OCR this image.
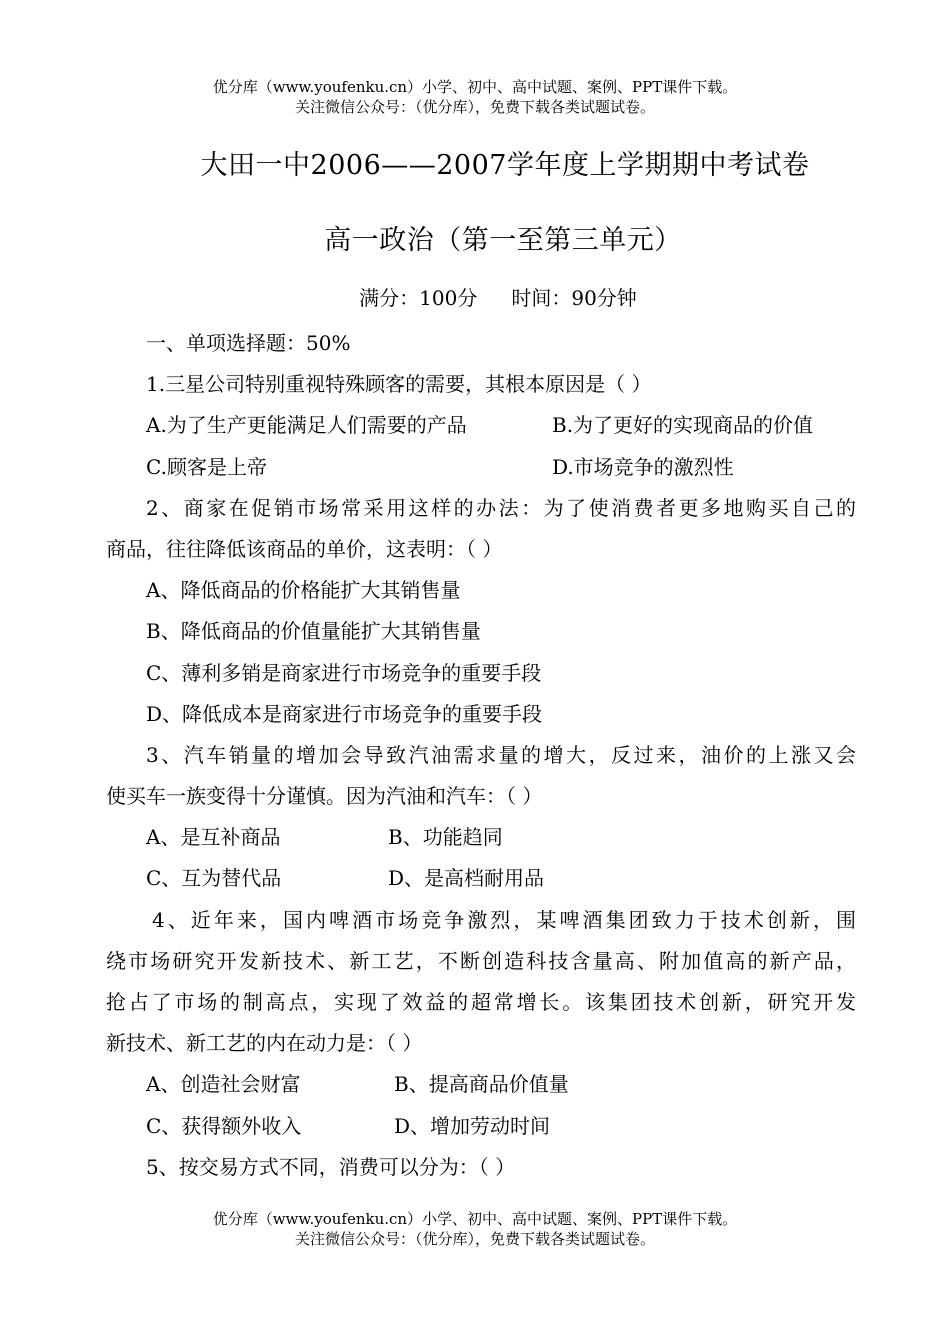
优分库（www.youfenku.cn）小学、初中、高中试题、案例、PPT课件下载。
关注微信公众号：（优分库），免费下载各类试题试卷。
大田一中2006——2007学年度上学期期中考试卷
高一政治（第一至第三单元）
满分：100分 时间：90分钟
一、单项选择题：50%
1.三星公司特别重视特殊顾客的需要，其根本原因是（ ）
A.为了生产更能满足人们需要的产品	B.为了更好的实现商品的价值
C.顾客是上帝	D.市场竞争的激烈性
2、商家在促销市场常采用这样的办法：为了使消费者更多地购买自己的
商品，往往降低该商品的单价，这表明：（ ）
A、降低商品的价格能扩大其销售量
B、降低商品的价值量能扩大其销售量
C、薄利多销是商家进行市场竞争的重要手段
D、降低成本是商家进行市场竞争的重要手段
3、汽车销量的增加会导致汽油需求量的增大，反过来，油价的上涨又会
使买车一族变得十分谨慎。因为汽油和汽车：（ ）
A、是互补商品	B、功能趋同
C、互为替代品	D、是高档耐用品
4、近年来，国内啤酒市场竞争激烈，某啤酒集团致力于技术创新，围
绕市场研究开发新技术、新工艺，不断创造科技含量高、附加值高的新产品，
抢占了市场的制高点，实现了效益的超常增长。该集团技术创新，研究开发
新技术、新工艺的内在动力是：（ ）
A、创造社会财富	B、提高商品价值量
C、获得额外收入	D、增加劳动时间
5、按交易方式不同，消费可以分为：（ ）
优分库（www.youfenku.cn）小学、初中、高中试题、案例、PPT课件下载。
关注微信公众号：（优分库），免费下载各类试题试卷。
